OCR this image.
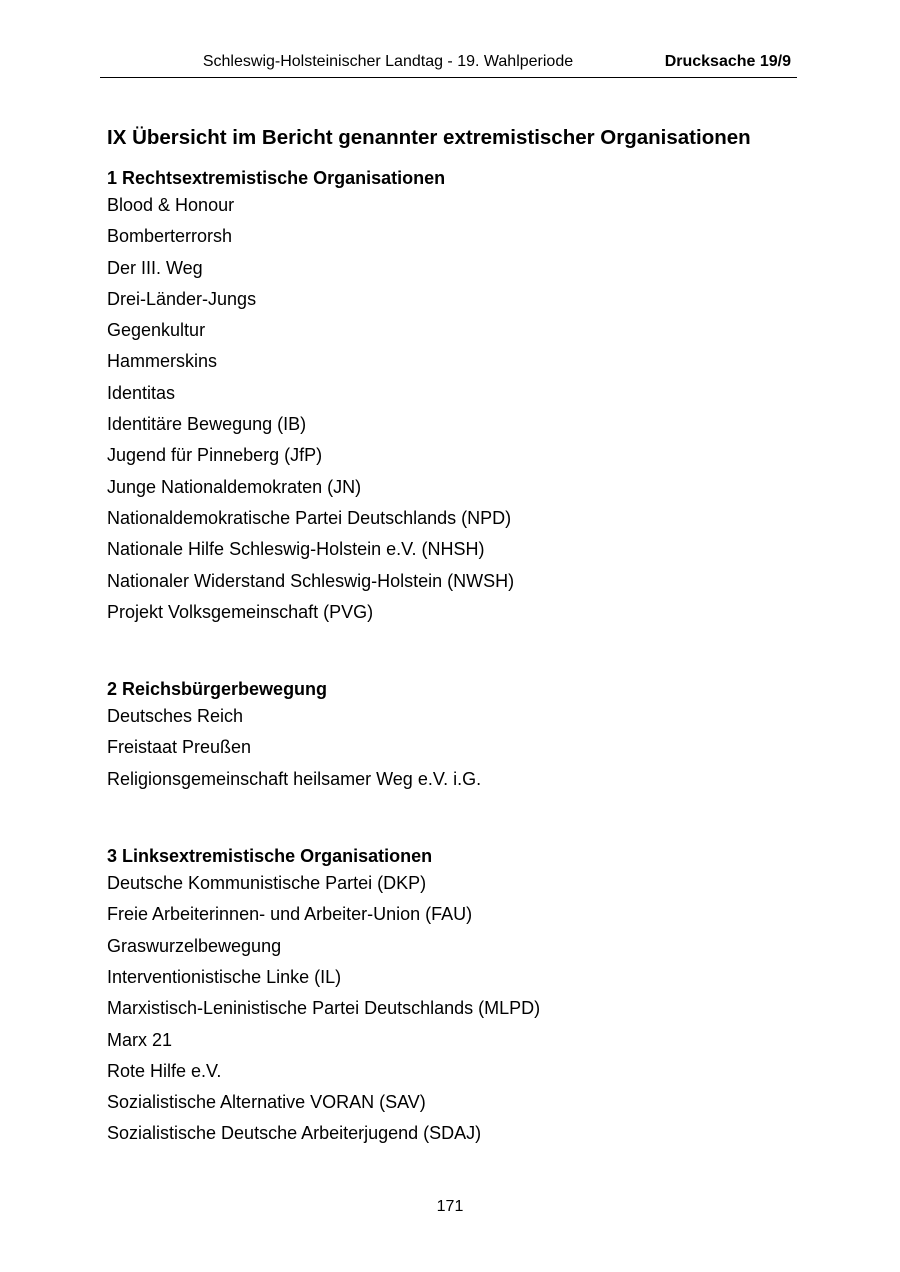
Schleswig-Holsteinischer Landtag - 19. Wahlperiode	Drucksache 19/9
IX Übersicht im Bericht genannter extremistischer Organisationen
1 Rechtsextremistische Organisationen
Blood & Honour
Bomberterrorsh
Der III. Weg
Drei-Länder-Jungs
Gegenkultur
Hammerskins
Identitas
Identitäre Bewegung (IB)
Jugend für Pinneberg (JfP)
Junge Nationaldemokraten (JN)
Nationaldemokratische Partei Deutschlands (NPD)
Nationale Hilfe Schleswig-Holstein e.V. (NHSH)
Nationaler Widerstand Schleswig-Holstein (NWSH)
Projekt Volksgemeinschaft (PVG)
2 Reichsbürgerbewegung
Deutsches Reich
Freistaat Preußen
Religionsgemeinschaft heilsamer Weg e.V. i.G.
3 Linksextremistische Organisationen
Deutsche Kommunistische Partei (DKP)
Freie Arbeiterinnen- und Arbeiter-Union (FAU)
Graswurzelbewegung
Interventionistische Linke (IL)
Marxistisch-Leninistische Partei Deutschlands (MLPD)
Marx 21
Rote Hilfe e.V.
Sozialistische Alternative VORAN (SAV)
Sozialistische Deutsche Arbeiterjugend (SDAJ)
171
